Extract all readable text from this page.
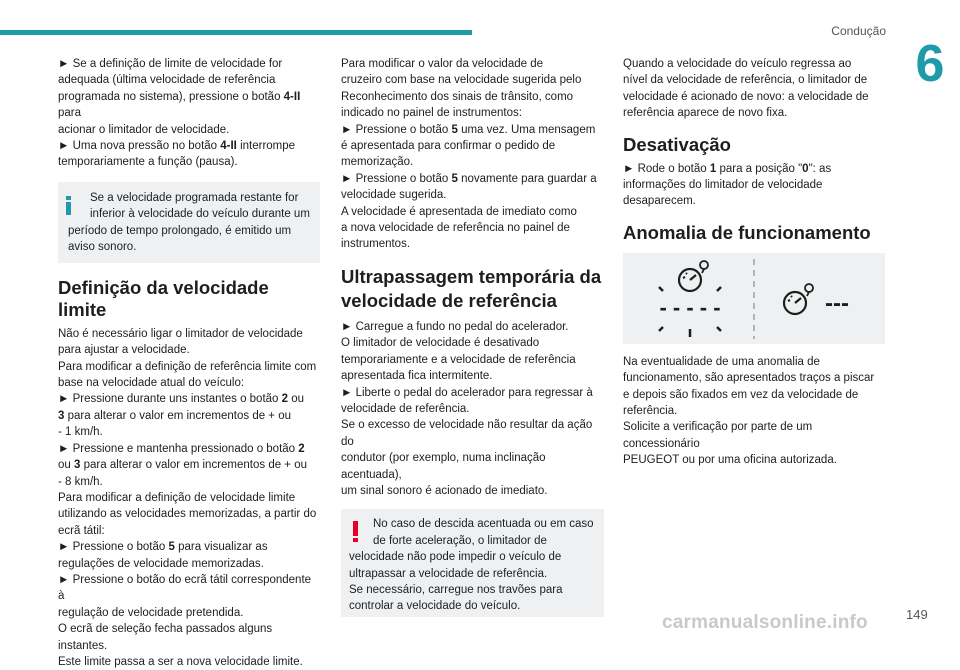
Condução
6

► Se a definição de limite de velocidade for
adequada (última velocidade de referência
programada no sistema), pressione o botão 4-II para
acionar o limitador de velocidade.

► Uma nova pressão no botão 4-II interrompe
temporariamente a função (pausa).

Se a velocidade programada restante for

inferior à velocidade do veículo durante um

período de tempo prolongado, é emitido um

aviso sonoro.

Definição da velocidade limite

Não é necessário ligar o limitador de velocidade
para ajustar a velocidade.
Para modificar a definição de referência limite com
base na velocidade atual do veículo:
► Pressione durante uns instantes o botão 2 ou
3 para alterar o valor em incrementos de + ou
- 1 km/h.
► Pressione e mantenha pressionado o botão 2
ou 3 para alterar o valor em incrementos de + ou
- 8 km/h.
Para modificar a definição de velocidade limite
utilizando as velocidades memorizadas, a partir do
ecrã tátil:
► Pressione o botão 5 para visualizar as
regulações de velocidade memorizadas.
► Pressione o botão do ecrã tátil correspondente à
regulação de velocidade pretendida.
O ecrã de seleção fecha passados alguns instantes.
Este limite passa a ser a nova velocidade limite.

Para modificar o valor da velocidade de
cruzeiro com base na velocidade sugerida pelo
Reconhecimento dos sinais de trânsito, como
indicado no painel de instrumentos:
► Pressione o botão 5 uma vez. Uma mensagem
é apresentada para confirmar o pedido de
memorização.
► Pressione o botão 5 novamente para guardar a
velocidade sugerida.
A velocidade é apresentada de imediato como
a nova velocidade de referência no painel de
instrumentos.

Ultrapassagem temporária da
velocidade de referência

► Carregue a fundo no pedal do acelerador.
O limitador de velocidade é desativado
temporariamente e a velocidade de referência
apresentada fica intermitente.
► Liberte o pedal do acelerador para regressar à
velocidade de referência.
Se o excesso de velocidade não resultar da ação do
condutor (por exemplo, numa inclinação acentuada),
um sinal sonoro é acionado de imediato.

No caso de descida acentuada ou em caso

de forte aceleração, o limitador de

velocidade não pode impedir o veículo de

ultrapassar a velocidade de referência.

Se necessário, carregue nos travões para

controlar a velocidade do veículo.

Quando a velocidade do veículo regressa ao
nível da velocidade de referência, o limitador de
velocidade é acionado de novo: a velocidade de
referência aparece de novo fixa.

Desativação

► Rode o botão 1 para a posição "0": as
informações do limitador de velocidade
desaparecem.

Anomalia de funcionamento
- - - - -	---

Na eventualidade de uma anomalia de
funcionamento, são apresentados traços a piscar
e depois são fixados em vez da velocidade de
referência.
Solicite a verificação por parte de um concessionário
PEUGEOT ou por uma oficina autorizada.

carmanualsonline.info	149
